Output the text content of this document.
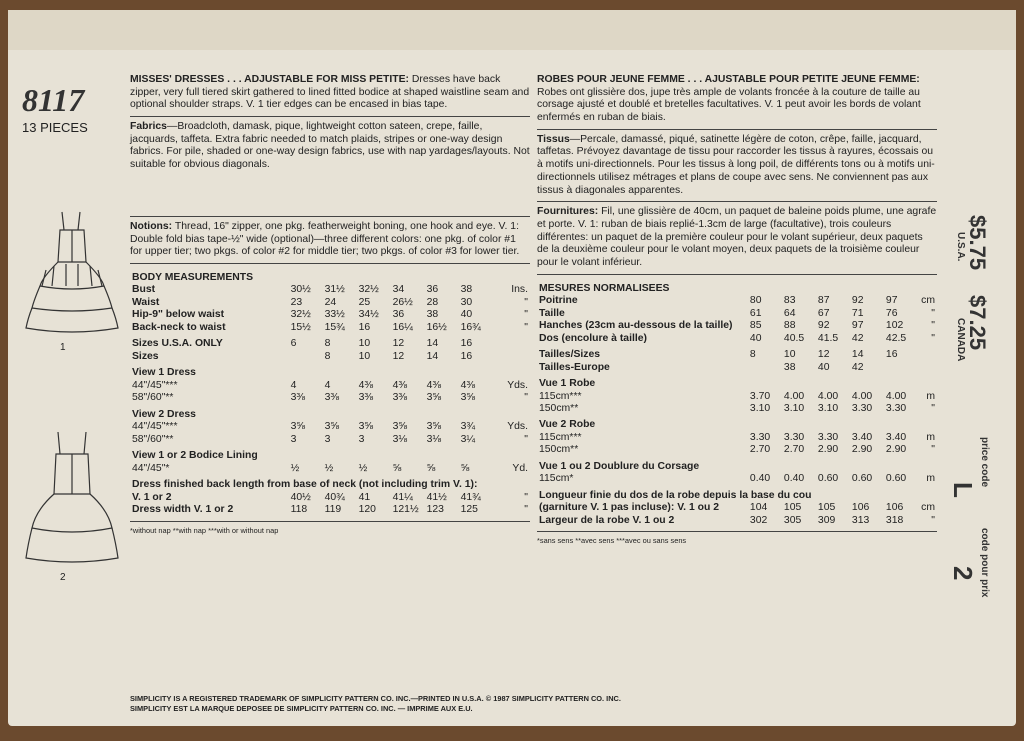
8117
13 PIECES
1
2

MISSES' DRESSES . . . ADJUSTABLE FOR MISS PETITE: Dresses have back zipper, very full tiered skirt gathered to lined fitted bodice at shaped waistline seam and optional shoulder straps. V. 1 tier edges can be encased in bias tape.

Fabrics—Broadcloth, damask, pique, lightweight cotton sateen, crepe, faille, jacquards, taffeta. Extra fabric needed to match plaids, stripes or one-way design fabrics. For pile, shaded or one-way design fabrics, use with nap yardages/layouts. Not suitable for obvious diagonals.

Notions: Thread, 16" zipper, one pkg. featherweight boning, one hook and eye. V. 1: Double fold bias tape-½" wide (optional)—three different colors: one pkg. of color #1 for upper tier; two pkgs. of color #2 for middle tier; two pkgs. of color #3 for lower tier.

BODY MEASUREMENTS							
Bust	30½	31½	32½	34	36	38	Ins.
Waist	23	24	25	26½	28	30	"
Hip-9" below waist	32½	33½	34½	36	38	40	"
Back-neck to waist	15½	15¾	16	16¼	16½	16¾	"
Sizes U.S.A. ONLY	6	8	10	12	14	16	
Sizes		8	10	12	14	16	
View 1 Dress							
44"/45"***	4	4	4⅜	4⅜	4⅜	4⅜	Yds.
58"/60"**	3⅜	3⅜	3⅜	3⅜	3⅝	3⅝	"
View 2 Dress							
44"/45"***	3⅝	3⅝	3⅝	3⅝	3⅝	3¾	Yds.
58"/60"**	3	3	3	3⅛	3⅛	3¼	"
View 1 or 2 Bodice Lining							
44"/45"*	½	½	½	⅝	⅝	⅝	Yd.
Dress finished back length from base of neck (not including trim V. 1):							
V. 1 or 2	40½	40¾	41	41¼	41½	41¾	"
Dress width V. 1 or 2	118	119	120	121½	123	125	"
*without nap **with nap ***with or without nap

ROBES POUR JEUNE FEMME . . . AJUSTABLE POUR PETITE JEUNE FEMME: Robes ont glissière dos, jupe très ample de volants froncée à la couture de taille au corsage ajusté et doublé et bretelles facultatives. V. 1 peut avoir les bords de volant enfermés en ruban de biais.

Tissus—Percale, damassé, piqué, satinette légère de coton, crêpe, faille, jacquard, taffetas. Prévoyez davantage de tissu pour raccorder les tissus à rayures, écossais ou à motifs uni-directionnels. Pour les tissus à long poil, de différents tons ou à motifs uni-directionnels utilisez métrages et plans de coupe avec sens. Ne conviennent pas aux tissus à diagonales apparentes.

Fournitures: Fil, une glissière de 40cm, un paquet de baleine poids plume, une agrafe et porte. V. 1: ruban de biais replié-1.3cm de large (facultative), trois couleurs différentes: un paquet de la première couleur pour le volant supérieur, deux paquets de la deuxième couleur pour le volant moyen, deux paquets de la troisième couleur pour le volant inférieur.

MESURES NORMALISEES						
Poitrine	80	83	87	92	97	cm
Taille	61	64	67	71	76	"
Hanches (23cm au-dessous de la taille)	85	88	92	97	102	"
Dos (encolure à taille)	40	40.5	41.5	42	42.5	"
Tailles/Sizes	8	10	12	14	16	
Tailles-Europe		38	40	42		
Vue 1 Robe						
115cm***	3.70	4.00	4.00	4.00	4.00	m
150cm**	3.10	3.10	3.10	3.30	3.30	"
Vue 2 Robe						
115cm***	3.30	3.30	3.30	3.40	3.40	m
150cm**	2.70	2.70	2.90	2.90	2.90	"
Vue 1 ou 2 Doublure du Corsage						
115cm*	0.40	0.40	0.60	0.60	0.60	m
Longueur finie du dos de la robe depuis la base du cou						
(garniture V. 1 pas incluse): V. 1 ou 2	104	105	105	106	106	cm
Largeur de la robe V. 1 ou 2	302	305	309	313	318	"
*sans sens **avec sens ***avec ou sans sens
$5.75
U.S.A.
$7.25
CANADA
price code
L
code pour prix
2
SIMPLICITY IS A REGISTERED TRADEMARK OF SIMPLICITY PATTERN CO. INC.—PRINTED IN U.S.A. © 1987 SIMPLICITY PATTERN CO. INC.
SIMPLICITY EST LA MARQUE DEPOSEE DE SIMPLICITY PATTERN CO. INC. — IMPRIME AUX E.U.
